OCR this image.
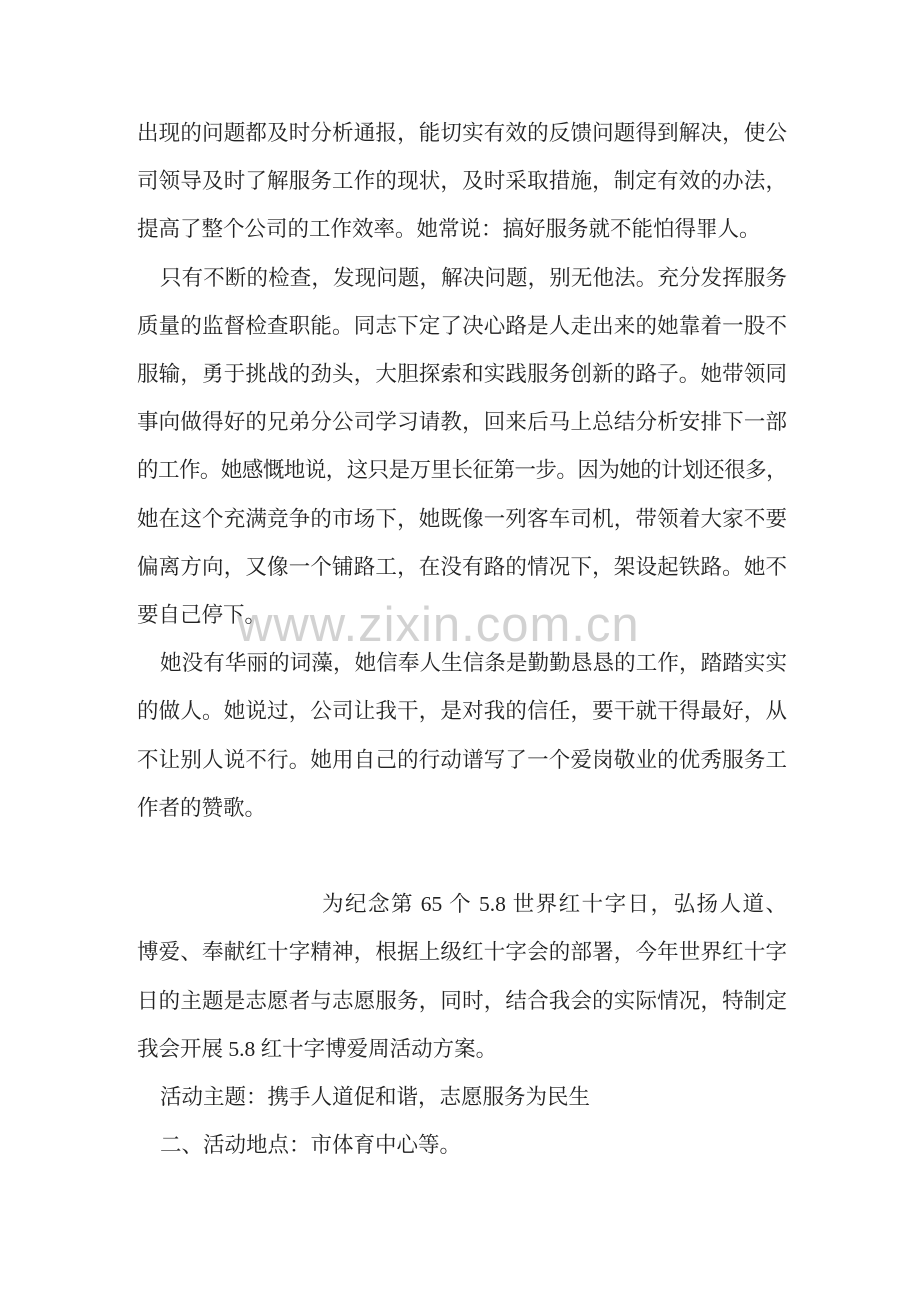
www.zixin.com.cn

出现的问题都及时分析通报，能切实有效的反馈问题得到解决，使公
司领导及时了解服务工作的现状，及时采取措施，制定有效的办法，
提高了整个公司的工作效率。她常说：搞好服务就不能怕得罪人。

只有不断的检查，发现问题，解决问题，别无他法。充分发挥服务
质量的监督检查职能。同志下定了决心路是人走出来的她靠着一股不
服输，勇于挑战的劲头，大胆探索和实践服务创新的路子。她带领同
事向做得好的兄弟分公司学习请教，回来后马上总结分析安排下一部
的工作。她感慨地说，这只是万里长征第一步。因为她的计划还很多，
她在这个充满竞争的市场下，她既像一列客车司机，带领着大家不要
偏离方向，又像一个铺路工，在没有路的情况下，架设起铁路。她不
要自己停下。

她没有华丽的词藻，她信奉人生信条是勤勤恳恳的工作，踏踏实实
的做人。她说过，公司让我干，是对我的信任，要干就干得最好，从
不让别人说不行。她用自己的行动谱写了一个爱岗敬业的优秀服务工
作者的赞歌。

为纪念第 65 个 5.8 世界红十字日，弘扬人道、
博爱、奉献红十字精神，根据上级红十字会的部署，今年世界红十字
日的主题是志愿者与志愿服务，同时，结合我会的实际情况，特制定
我会开展 5.8 红十字博爱周活动方案。

活动主题：携手人道促和谐，志愿服务为民生

二、活动地点：市体育中心等。
